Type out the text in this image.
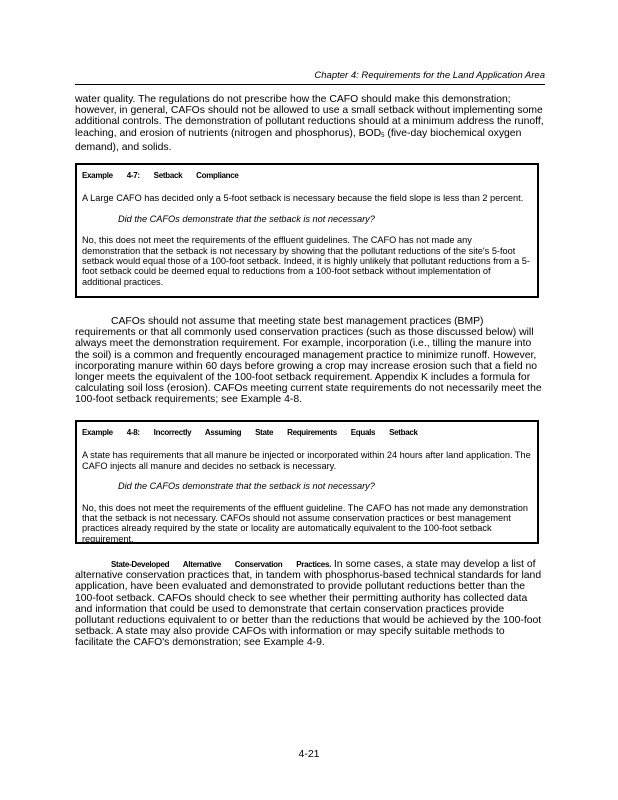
Chapter 4: Requirements for the Land Application Area
water quality. The regulations do not prescribe how the CAFO should make this demonstration; however, in general, CAFOs should not be allowed to use a small setback without implementing some additional controls. The demonstration of pollutant reductions should at a minimum address the runoff, leaching, and erosion of nutrients (nitrogen and phosphorus), $BOD_5$ (five-day biochemical oxygen demand), and solids.
Example 4-7: Setback Compliance

A Large CAFO has decided only a 5-foot setback is necessary because the field slope is less than 2 percent.

Did the CAFOs demonstrate that the setback is not necessary?

No, this does not meet the requirements of the effluent guidelines. The CAFO has not made any demonstration that the setback is not necessary by showing that the pollutant reductions of the site's 5-foot setback would equal those of a 100-foot setback. Indeed, it is highly unlikely that pollutant reductions from a 5-foot setback could be deemed equal to reductions from a 100-foot setback without implementation of additional practices.

CAFOs should not assume that meeting state best management practices (BMP) requirements or that all commonly used conservation practices (such as those discussed below) will always meet the demonstration requirement. For example, incorporation (i.e., tilling the manure into the soil) is a common and frequently encouraged management practice to minimize runoff. However, incorporating manure within 60 days before growing a crop may increase erosion such that a field no longer meets the equivalent of the 100-foot setback requirement. Appendix K includes a formula for calculating soil loss (erosion). CAFOs meeting current state requirements do not necessarily meet the 100-foot setback requirements; see Example 4-8.
Example 4-8: Incorrectly Assuming State Requirements Equals Setback

A state has requirements that all manure be injected or incorporated within 24 hours after land application. The CAFO injects all manure and decides no setback is necessary.

Did the CAFOs demonstrate that the setback is not necessary?

No, this does not meet the requirements of the effluent guideline. The CAFO has not made any demonstration that the setback is not necessary. CAFOs should not assume conservation practices or best management practices already required by the state or locality are automatically equivalent to the 100-foot setback requirement.

State-Developed Alternative Conservation Practices. In some cases, a state may develop a list of alternative conservation practices that, in tandem with phosphorus-based technical standards for land application, have been evaluated and demonstrated to provide pollutant reductions better than the 100-foot setback. CAFOs should check to see whether their permitting authority has collected data and information that could be used to demonstrate that certain conservation practices provide pollutant reductions equivalent to or better than the reductions that would be achieved by the 100-foot setback. A state may also provide CAFOs with information or may specify suitable methods to facilitate the CAFO's demonstration; see Example 4-9.
4-21
